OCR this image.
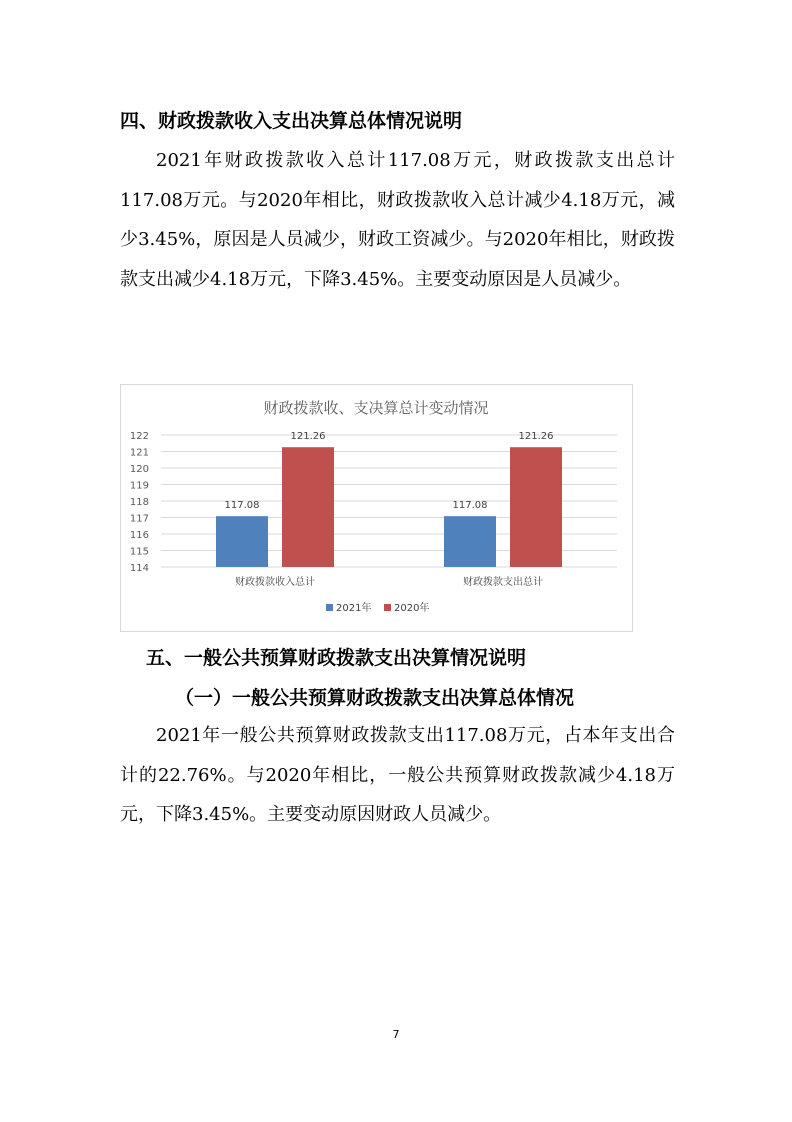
四、财政拨款收入支出决算总体情况说明

2021年财政拨款收入总计117.08万元，财政拨款支出总计117.08万元。与2020年相比，财政拨款收入总计减少4.18万元，减少3.45%，原因是人员减少，财政工资减少。与2020年相比，财政拨款支出减少4.18万元，下降3.45%。主要变动原因是人员减少。

财政拨款收、支决算总计变动情况
114
115
116
117
118
119
120
121
122
117.08
121.26
财政拨款收入总计
117.08
121.26
财政拨款支出总计
2021年 2020年
五、一般公共预算财政拨款支出决算情况说明
（一）一般公共预算财政拨款支出决算总体情况

2021年一般公共预算财政拨款支出117.08万元，占本年支出合计的22.76%。与2020年相比，一般公共预算财政拨款减少4.18万元，下降3.45%。主要变动原因财政人员减少。

7
